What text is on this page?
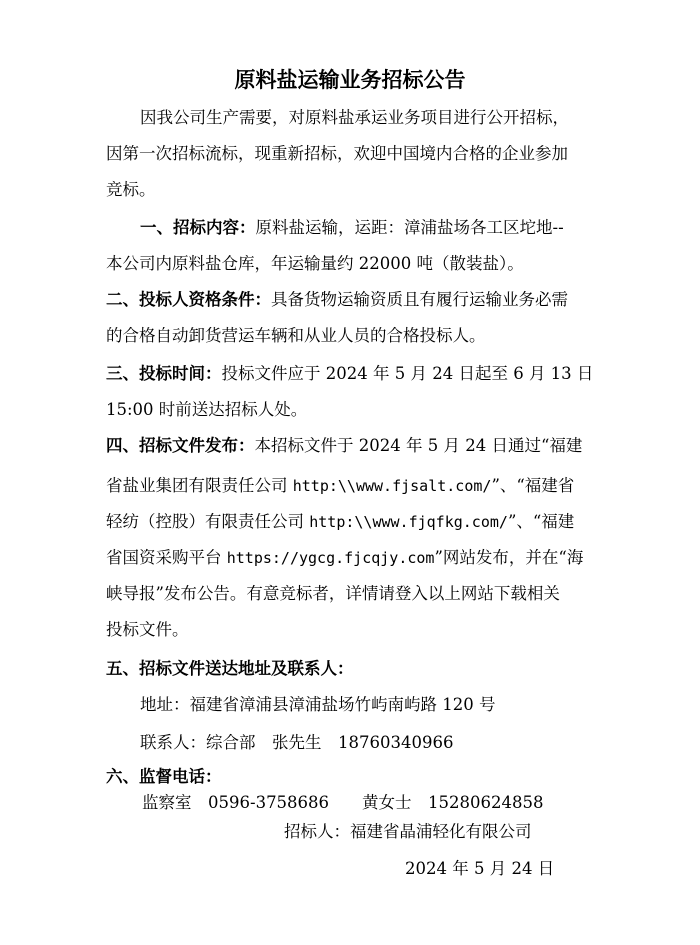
原料盐运输业务招标公告
因我公司生产需要，对原料盐承运业务项目进行公开招标，
因第一次招标流标，现重新招标，欢迎中国境内合格的企业参加
竞标。
一、招标内容：原料盐运输，运距：漳浦盐场各工区坨地--
本公司内原料盐仓库，年运输量约 22000 吨（散装盐）。
二、投标人资格条件：具备货物运输资质且有履行运输业务必需
的合格自动卸货营运车辆和从业人员的合格投标人。
三、投标时间：投标文件应于 2024 年 5 月 24 日起至 6 月 13 日
15:00 时前送达招标人处。
四、招标文件发布：本招标文件于 2024 年 5 月 24 日通过“福建
省盐业集团有限责任公司 http:\\www.fjsalt.com/”、“福建省
轻纺（控股）有限责任公司 http:\\www.fjqfkg.com/”、“福建
省国资采购平台 https://ygcg.fjcqjy.com”网站发布，并在“海
峡导报”发布公告。有意竞标者，详情请登入以上网站下载相关
投标文件。
五、招标文件送达地址及联系人：
地址：福建省漳浦县漳浦盐场竹屿南屿路 120 号
联系人：综合部　张先生　18760340966
六、监督电话：
监察室　0596-3758686 黄女士　15280624858
招标人：福建省晶浦轻化有限公司
2024 年 5 月 24 日
